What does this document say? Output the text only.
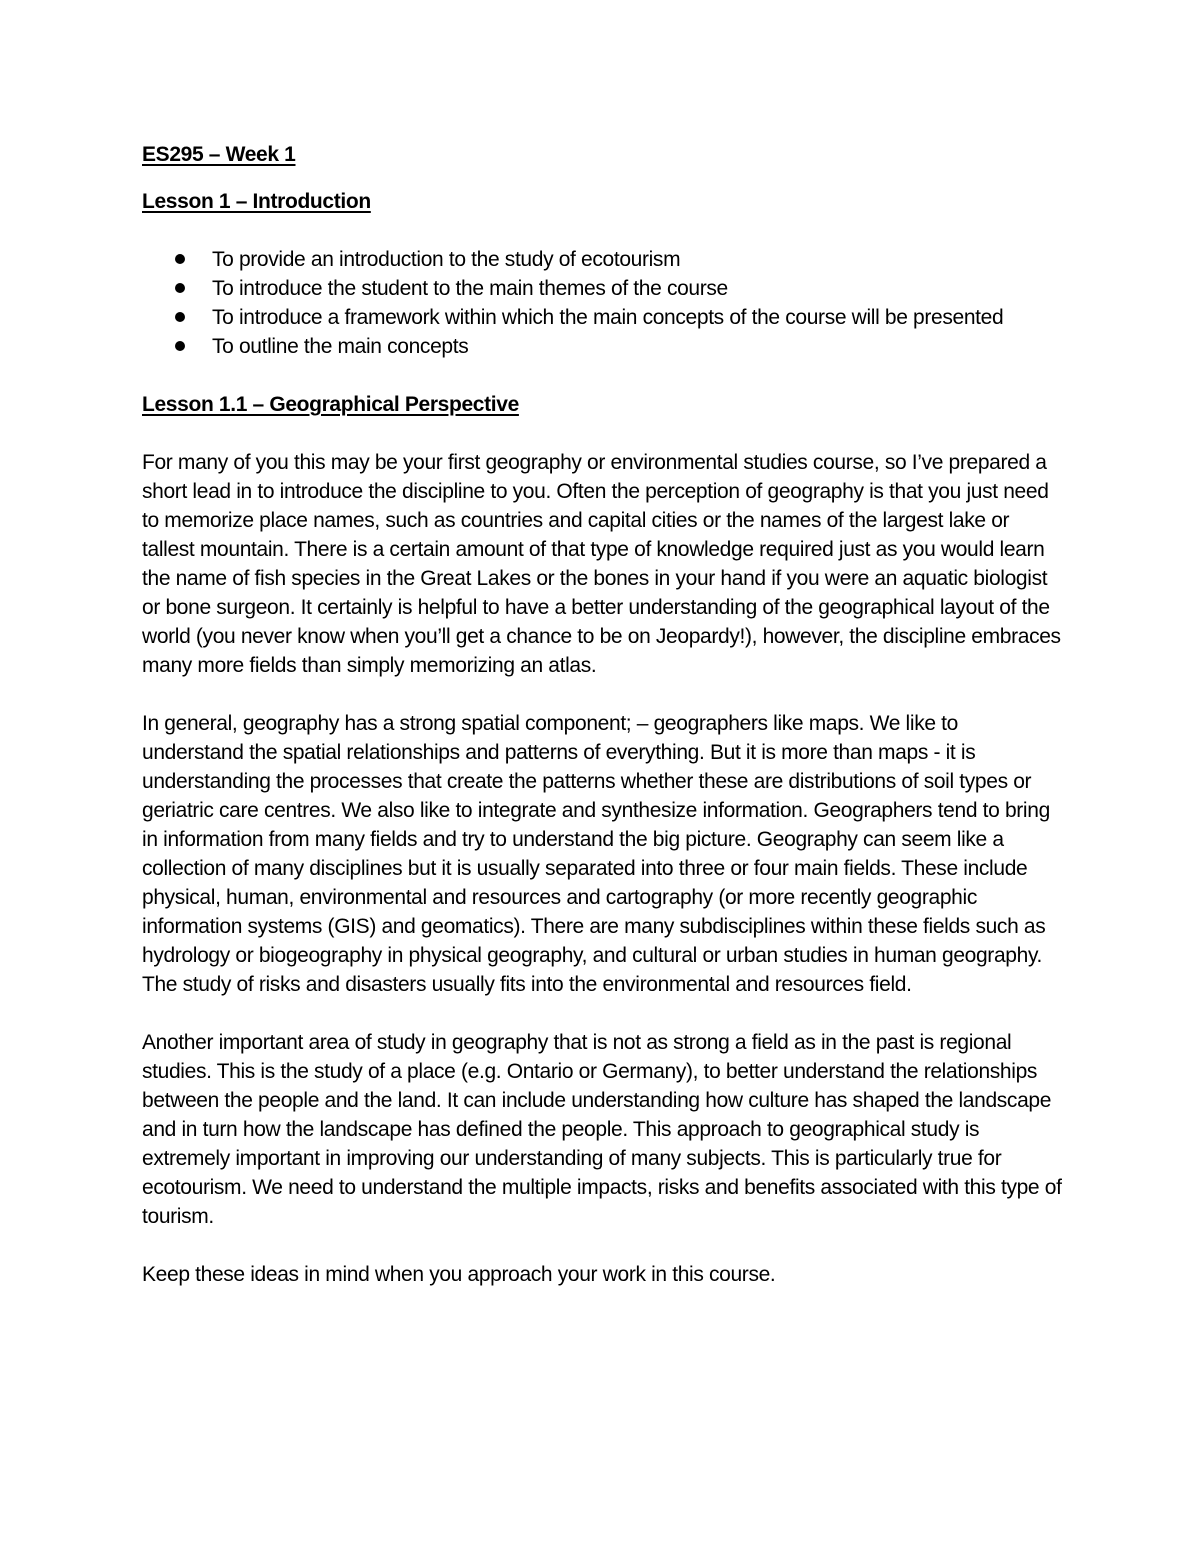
ES295 – Week 1

Lesson 1 – Introduction

To provide an introduction to the study of ecotourism
To introduce the student to the main themes of the course
To introduce a framework within which the main concepts of the course will be presented
To outline the main concepts

Lesson 1.1 – Geographical Perspective

For many of you this may be your first geography or environmental studies course, so I’ve prepared a short lead in to introduce the discipline to you. Often the perception of geography is that you just need to memorize place names, such as countries and capital cities or the names of the largest lake or tallest mountain. There is a certain amount of that type of knowledge required just as you would learn the name of fish species in the Great Lakes or the bones in your hand if you were an aquatic biologist or bone surgeon. It certainly is helpful to have a better understanding of the geographical layout of the world (you never know when you’ll get a chance to be on Jeopardy!), however, the discipline embraces many more fields than simply memorizing an atlas.

In general, geography has a strong spatial component; – geographers like maps. We like to understand the spatial relationships and patterns of everything. But it is more than maps - it is understanding the processes that create the patterns whether these are distributions of soil types or geriatric care centres. We also like to integrate and synthesize information. Geographers tend to bring in information from many fields and try to understand the big picture. Geography can seem like a collection of many disciplines but it is usually separated into three or four main fields. These include physical, human, environmental and resources and cartography (or more recently geographic information systems (GIS) and geomatics). There are many subdisciplines within these fields such as hydrology or biogeography in physical geography, and cultural or urban studies in human geography. The study of risks and disasters usually fits into the environmental and resources field.

Another important area of study in geography that is not as strong a field as in the past is regional studies. This is the study of a place (e.g. Ontario or Germany), to better understand the relationships between the people and the land. It can include understanding how culture has shaped the landscape and in turn how the landscape has defined the people. This approach to geographical study is extremely important in improving our understanding of many subjects. This is particularly true for ecotourism. We need to understand the multiple impacts, risks and benefits associated with this type of tourism.

Keep these ideas in mind when you approach your work in this course.
